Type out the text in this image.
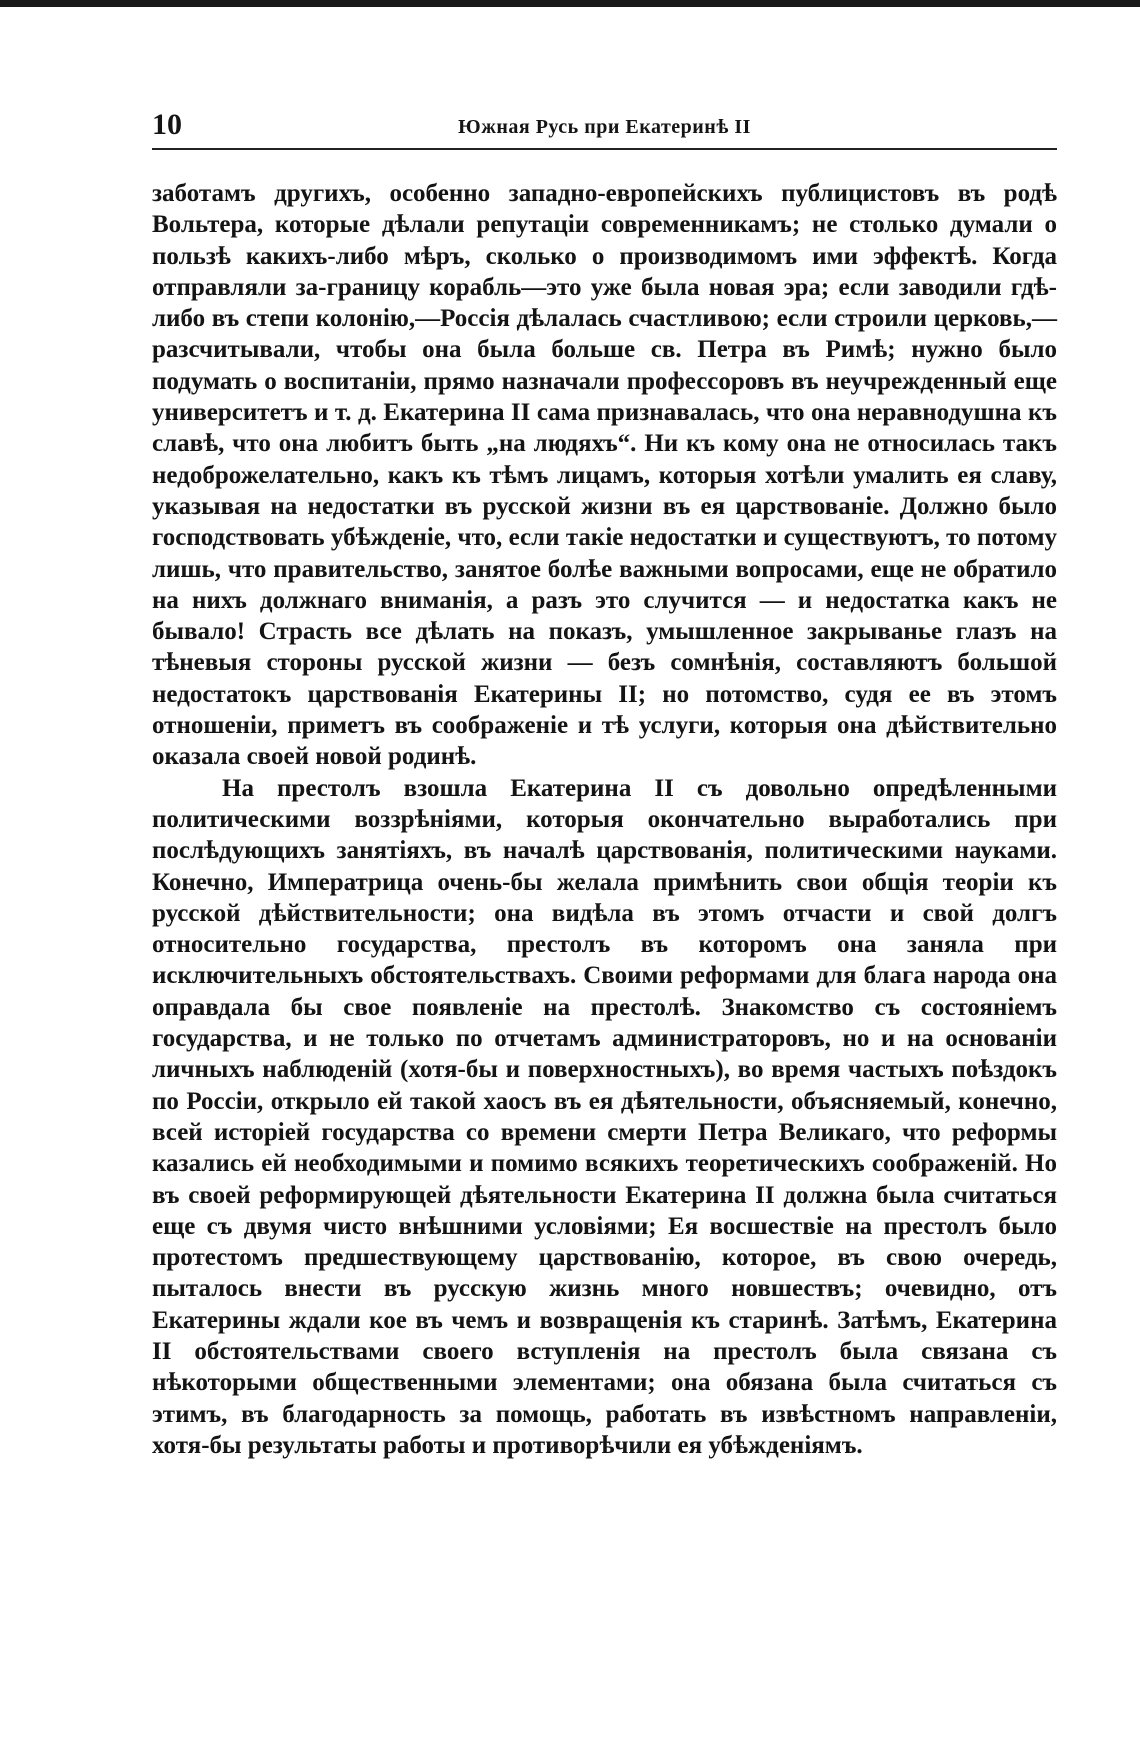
10	Южная Русь при Екатеринѣ II

заботамъ другихъ, особенно западно-европейскихъ публицистовъ въ родѣ Вольтера, которые дѣлали репутаціи современникамъ; не столько думали о пользѣ какихъ-либо мѣръ, сколько о производимомъ ими эффектѣ. Когда отправляли за-границу корабль—это уже была новая эра; если заводили гдѣ-либо въ степи колонію,—Россія дѣлалась счастливою; если строили церковь,—разсчитывали, чтобы она была больше св. Петра въ Римѣ; нужно было подумать о воспитаніи, прямо назначали профессоровъ въ неучрежденный еще университетъ и т. д. Екатерина II сама признавалась, что она неравнодушна къ славѣ, что она любитъ быть „на людяхъ“. Ни къ кому она не относилась такъ недоброжелательно, какъ къ тѣмъ лицамъ, которыя хотѣли умалить ея славу, указывая на недостатки въ русской жизни въ ея царствованіе. Должно было господствовать убѣжденіе, что, если такіе недостатки и существуютъ, то потому лишь, что правительство, занятое болѣе важными вопросами, еще не обратило на нихъ должнаго вниманія, а разъ это случится — и недостатка какъ не бывало! Страсть все дѣлать на показъ, умышленное закрыванье глазъ на тѣневыя стороны русской жизни — безъ сомнѣнія, составляютъ большой недостатокъ царствованія Екатерины II; но потомство, судя ее въ этомъ отношеніи, приметъ въ соображеніе и тѣ услуги, которыя она дѣйствительно оказала своей новой родинѣ.

На престолъ взошла Екатерина II съ довольно опредѣленными политическими воззрѣніями, которыя окончательно выработались при послѣдующихъ занятіяхъ, въ началѣ царствованія, политическими науками. Конечно, Императрица очень-бы желала примѣнить свои общія теоріи къ русской дѣйствительности; она видѣла въ этомъ отчасти и свой долгъ относительно государства, престолъ въ которомъ она заняла при исключительныхъ обстоятельствахъ. Своими реформами для блага народа она оправдала бы свое появленіе на престолѣ. Знакомство съ состояніемъ государства, и не только по отчетамъ администраторовъ, но и на основаніи личныхъ наблюденій (хотя-бы и поверхностныхъ), во время частыхъ поѣздокъ по Россіи, открыло ей такой хаосъ въ ея дѣятельности, объясняемый, конечно, всей исторіей государства со времени смерти Петра Великаго, что реформы казались ей необходимыми и помимо всякихъ теоретическихъ соображеній. Но въ своей реформирующей дѣятельности Екатерина II должна была считаться еще съ двумя чисто внѣшними условіями; Ея восшествіе на престолъ было протестомъ предшествующему царствованію, которое, въ свою очередь, пыталось внести въ русскую жизнь много новшествъ; очевидно, отъ Екатерины ждали кое въ чемъ и возвращенія къ старинѣ. Затѣмъ, Екатерина II обстоятельствами своего вступленія на престолъ была связана съ нѣкоторыми общественными элементами; она обязана была считаться съ этимъ, въ благодарность за помощь, работать въ извѣстномъ направленіи, хотя-бы результаты работы и противорѣчили ея убѣжденіямъ.
